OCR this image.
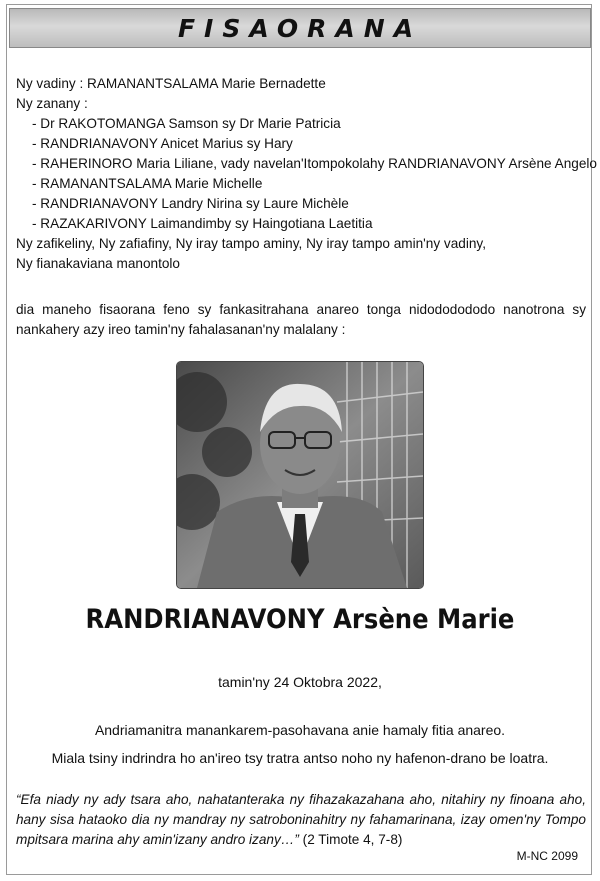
FISAORANA
Ny vadiny : RAMANANTSALAMA Marie Bernadette
Ny zanany :
- Dr RAKOTOMANGA Samson sy Dr Marie Patricia
- RANDRIANAVONY Anicet Marius sy Hary
- RAHERINORO Maria Liliane, vady navelan'Itompokolahy RANDRIANAVONY Arsène Angelo
- RAMANANTSALAMA Marie Michelle
- RANDRIANAVONY Landry Nirina sy Laure Michèle
- RAZAKARIVONY Laimandimby sy Haingotiana Laetitia
Ny zafikeliny, Ny zafiafiny, Ny iray tampo aminy, Ny iray tampo amin'ny vadiny,
Ny fianakaviana manontolo
dia maneho fisaorana feno sy fankasitrahana anareo tonga nidododododo nanotrona sy nankahery azy ireo tamin'ny fahalasanan'ny malalany :
RANDRIANAVONY Arsène Marie
tamin'ny 24 Oktobra 2022,
Andriamanitra manankarem-pasohavana anie hamaly fitia anareo.
Miala tsiny indrindra ho an'ireo tsy tratra antso noho ny hafenon-drano be loatra.
“Efa niady ny ady tsara aho, nahatanteraka ny fihazakazahana aho, nitahiry ny finoana aho, hany sisa hataoko dia ny mandray ny satroboninahitry ny fahamarinana, izay omen'ny Tompo mpitsara marina ahy amin'izany andro izany…” (2 Timote 4, 7-8)
M-NC 2099
